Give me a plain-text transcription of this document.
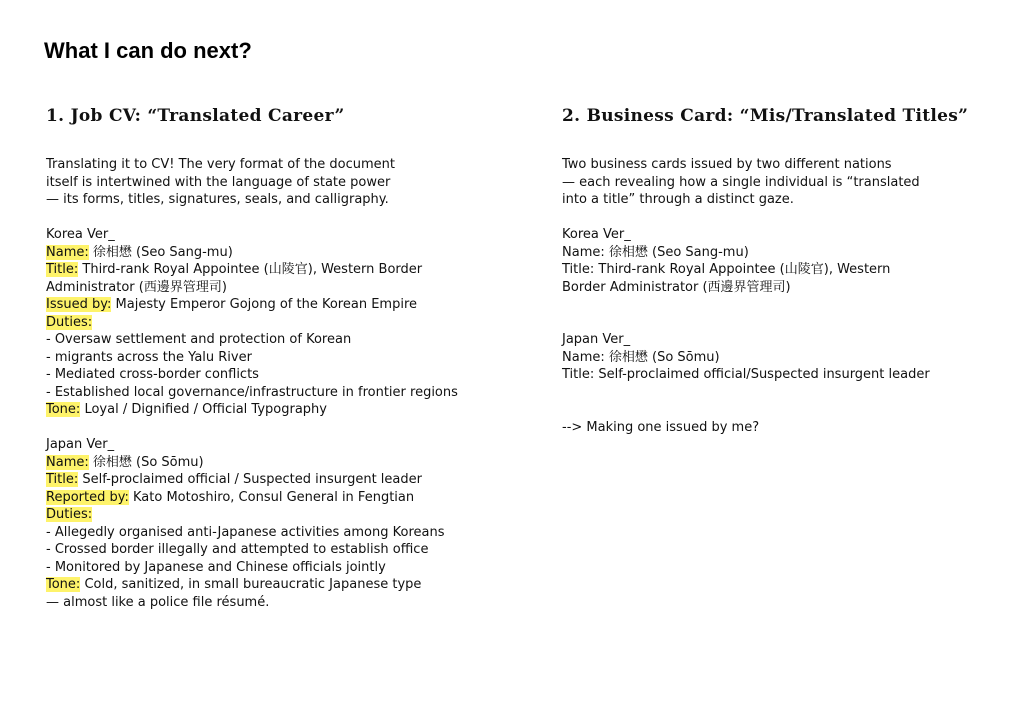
What I can do next?
1. Job CV: “Translated Career”
Translating it to CV! The very format of the document
itself is intertwined with the language of state power
— its forms, titles, signatures, seals, and calligraphy.
Korea Ver_
Name: 徐相懋 (Seo Sang-mu)
Title: Third-rank Royal Appointee (山陵官), Western Border
Administrator (西邊界管理司)
Issued by: Majesty Emperor Gojong of the Korean Empire
Duties:
- Oversaw settlement and protection of Korean
- migrants across the Yalu River
- Mediated cross-border conflicts
- Established local governance/infrastructure in frontier regions
Tone: Loyal / Dignified / Official Typography
Japan Ver_
Name: 徐相懋 (So Sōmu)
Title: Self-proclaimed official / Suspected insurgent leader
Reported by: Kato Motoshiro, Consul General in Fengtian
Duties:
- Allegedly organised anti-Japanese activities among Koreans
- Crossed border illegally and attempted to establish office
- Monitored by Japanese and Chinese officials jointly
Tone: Cold, sanitized, in small bureaucratic Japanese type
— almost like a police file résumé.
2. Business Card: “Mis/Translated Titles”
Two business cards issued by two different nations
— each revealing how a single individual is “translated
into a title” through a distinct gaze.
Korea Ver_
Name: 徐相懋 (Seo Sang-mu)
Title: Third-rank Royal Appointee (山陵官), Western
Border Administrator (西邊界管理司)
Japan Ver_
Name: 徐相懋 (So Sōmu)
Title: Self-proclaimed official/Suspected insurgent leader
--> Making one issued by me?
